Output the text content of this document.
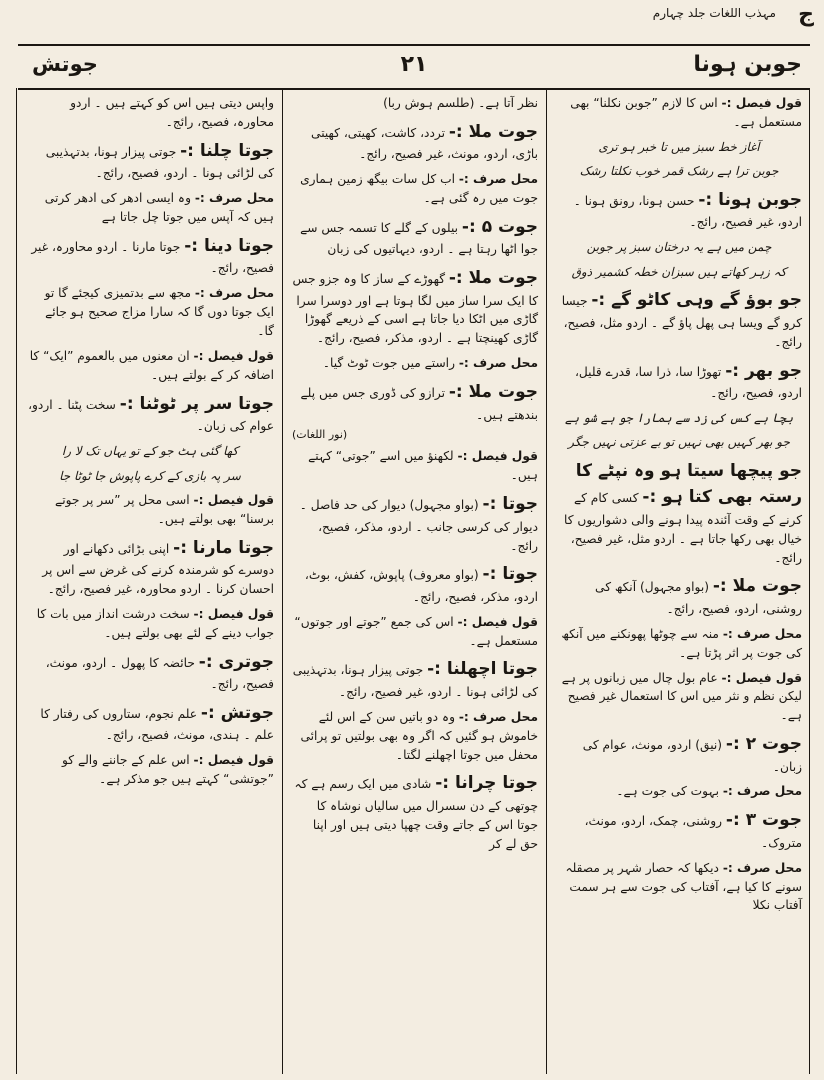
مہذب اللغات جلد چہارم ج
جوبن ہونا
۲۱
جوتش

قول فیصل :- اس کا لازم ”جوبن نکلنا“ بھی مستعمل ہے۔

آغاز خط سبز میں تا خبر ہو تری
جوبن ترا ہے رشک قمر خوب نکلتا رشک

جوبن ہونا :- حسن ہونا، رونق ہونا ۔ اردو، غیر فصیح، رائج۔

چمن میں ہے یہ درختان سبز پر جوبن
کہ زہر کھاتے ہیں سبزان خطہ کشمیر ذوق

جو بوؤ گے وہی کاٹو گے :- جیسا کرو گے ویسا ہی پھل پاؤ گے ۔ اردو مثل، فصیح، رائج۔

جو بھر :- تھوڑا سا، ذرا سا، قدرے قلیل، اردو، فصیح، رائج۔

بچا ہے کس کی زد سے ہمارا جو ہے شو ہے
جو بھر کہیں بھی نہیں تو بے عزتی نہیں جگر

جو پیچھا سیتا ہو وہ نپٹے کا رستہ بھی کتا ہو :- کسی کام کے کرنے کے وقت آئندہ پیدا ہونے والی دشواریوں کا خیال بھی رکھا جاتا ہے ۔ اردو مثل، غیر فصیح، رائج۔

جوت ملا :- (بواو مجہول) آنکھ کی روشنی، اردو، فصیح، رائج۔

محل صرف :- منہ سے چوٹھا پھونکنے میں آنکھ کی جوت پر اثر پڑتا ہے۔

قول فیصل :- عام بول چال میں زبانوں پر ہے لیکن نظم و نثر میں اس کا استعمال غیر فصیح ہے۔

جوت ۲ :- (نیق) اردو، مونث، عوام کی زبان۔

محل صرف :- بہوت کی جوت ہے۔

جوت ۳ :- روشنی، چمک، اردو، مونث، متروک۔

محل صرف :- دیکھا کہ حصار شہر پر مصقلہ سونے کا کیا ہے، آفتاب کی جوت سے ہر سمت آفتاب نکلا

نظر آتا ہے۔ (طلسم ہوش ربا)

جوت ملا :- تردد، کاشت، کھیتی، کھیتی باڑی، اردو، مونث، غیر فصیح، رائج۔

محل صرف :- اب کل سات بیگھ زمین ہماری جوت میں رہ گئی ہے۔

جوت ۵ :- بیلوں کے گلے کا تسمہ جس سے جوا اٹھا رہتا ہے ۔ اردو، دیہاتیوں کی زبان

جوت ملا :- گھوڑے کے ساز کا وہ جزو جس کا ایک سرا ساز میں لگا ہوتا ہے اور دوسرا سرا گاڑی میں اٹکا دیا جاتا ہے اسی کے ذریعے گھوڑا گاڑی کھینچتا ہے ۔ اردو، مذکر، فصیح، رائج۔

محل صرف :- راستے میں جوت ٹوٹ گیا۔

جوت ملا :- ترازو کی ڈوری جس میں پلے بندھتے ہیں۔

(نور اللغات)

قول فیصل :- لکھنؤ میں اسے ”جوتی“ کہتے ہیں۔

جوتا :- (بواو مجہول) دیوار کی حد فاصل ۔ دیوار کی کرسی جانب ۔ اردو، مذکر، فصیح، رائج۔

جوتا :- (بواو معروف) پاپوش، کفش، بوٹ، اردو، مذکر، فصیح، رائج۔

قول فیصل :- اس کی جمع ”جوتے اور جوتوں“ مستعمل ہے۔

جوتا اچھلنا :- جوتی پیزار ہونا، بدتہذیبی کی لڑائی ہونا ۔ اردو، غیر فصیح، رائج۔

محل صرف :- وہ دو باتیں سن کے اس لئے خاموش ہو گئیں کہ اگر وہ بھی بولتیں تو پرائی محفل میں جوتا اچھلنے لگتا۔

جوتا چرانا :- شادی میں ایک رسم ہے کہ چوتھی کے دن سسرال میں سالیاں نوشاہ کا جوتا اس کے جاتے وقت چھپا دیتی ہیں اور اپنا حق لے کر

واپس دیتی ہیں اس کو کہتے ہیں ۔ اردو محاورہ، فصیح، رائج۔

جوتا چلنا :- جوتی پیزار ہونا، بدتہذیبی کی لڑائی ہونا ۔ اردو، فصیح، رائج۔

محل صرف :- وہ ایسی ادھر کی ادھر کرتی ہیں کہ آپس میں جوتا چل جاتا ہے

جوتا دینا :- جوتا مارنا ۔ اردو محاورہ، غیر فصیح، رائج۔

محل صرف :- مجھ سے بدتمیزی کیجئے گا تو ایک جوتا دوں گا کہ سارا مزاج صحیح ہو جائے گا۔

قول فیصل :- ان معنوں میں بالعموم ”ایک“ کا اضافہ کر کے بولتے ہیں۔

جوتا سر پر ٹوٹنا :- سخت پٹنا ۔ اردو، عوام کی زبان۔

کھا گئی ہٹ جو کے تو یہاں تک لا را
سر پہ بازی کے کرے پاپوش جا ٹوٹا جا

قول فیصل :- اسی محل پر ”سر پر جوتے برسنا“ بھی بولتے ہیں۔

جوتا مارنا :- اپنی بڑائی دکھانے اور دوسرے کو شرمندہ کرنے کی غرض سے اس پر احسان کرنا ۔ اردو محاورہ، غیر فصیح، رائج۔

قول فیصل :- سخت درشت انداز میں بات کا جواب دینے کے لئے بھی بولتے ہیں۔

جوتری :- حائضہ کا پھول ۔ اردو، مونث، فصیح، رائج۔

جوتش :- علم نجوم، ستاروں کی رفتار کا علم ۔ ہندی، مونث، فصیح، رائج۔

قول فیصل :- اس علم کے جاننے والے کو ”جوتشی“ کہتے ہیں جو مذکر ہے۔
